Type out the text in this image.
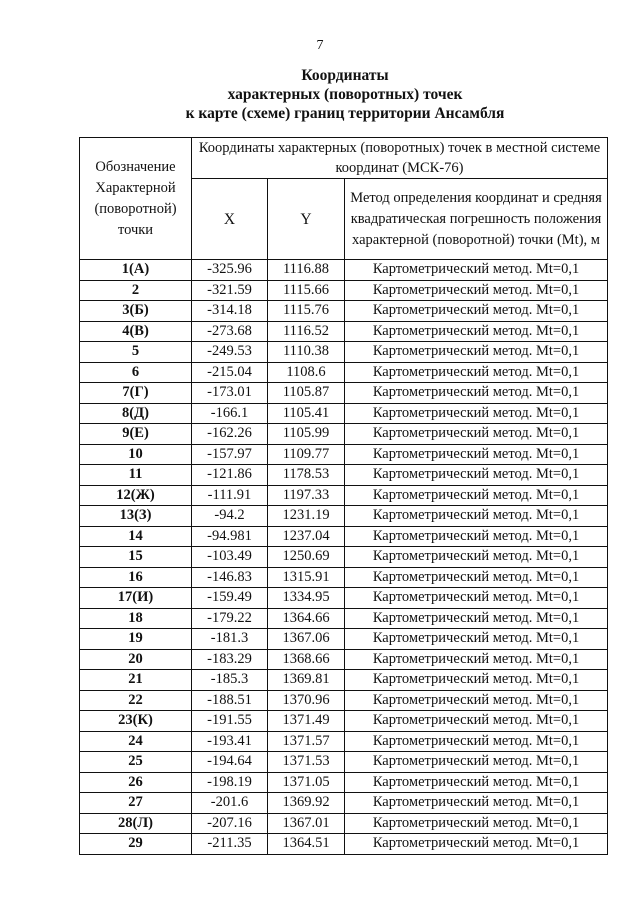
7
Координаты
характерных (поворотных) точек
к карте (схеме) границ территории Ансамбля
Обозначение Характерной (поворотной) точки	Координаты характерных (поворотных) точек в местной системе координат (МСК-76)		
	X	Y	Метод определения координат и средняя квадратическая погрешность положения характерной (поворотной) точки (Mt), м
1(А)	-325.96	1116.88	Картометрический метод. Mt=0,1
2	-321.59	1115.66	Картометрический метод. Mt=0,1
3(Б)	-314.18	1115.76	Картометрический метод. Mt=0,1
4(В)	-273.68	1116.52	Картометрический метод. Mt=0,1
5	-249.53	1110.38	Картометрический метод. Mt=0,1
6	-215.04	1108.6	Картометрический метод. Mt=0,1
7(Г)	-173.01	1105.87	Картометрический метод. Mt=0,1
8(Д)	-166.1	1105.41	Картометрический метод. Mt=0,1
9(Е)	-162.26	1105.99	Картометрический метод. Mt=0,1
10	-157.97	1109.77	Картометрический метод. Mt=0,1
11	-121.86	1178.53	Картометрический метод. Mt=0,1
12(Ж)	-111.91	1197.33	Картометрический метод. Mt=0,1
13(З)	-94.2	1231.19	Картометрический метод. Mt=0,1
14	-94.981	1237.04	Картометрический метод. Mt=0,1
15	-103.49	1250.69	Картометрический метод. Mt=0,1
16	-146.83	1315.91	Картометрический метод. Mt=0,1
17(И)	-159.49	1334.95	Картометрический метод. Mt=0,1
18	-179.22	1364.66	Картометрический метод. Mt=0,1
19	-181.3	1367.06	Картометрический метод. Mt=0,1
20	-183.29	1368.66	Картометрический метод. Mt=0,1
21	-185.3	1369.81	Картометрический метод. Mt=0,1
22	-188.51	1370.96	Картометрический метод. Mt=0,1
23(К)	-191.55	1371.49	Картометрический метод. Mt=0,1
24	-193.41	1371.57	Картометрический метод. Mt=0,1
25	-194.64	1371.53	Картометрический метод. Mt=0,1
26	-198.19	1371.05	Картометрический метод. Mt=0,1
27	-201.6	1369.92	Картометрический метод. Mt=0,1
28(Л)	-207.16	1367.01	Картометрический метод. Mt=0,1
29	-211.35	1364.51	Картометрический метод. Mt=0,1
